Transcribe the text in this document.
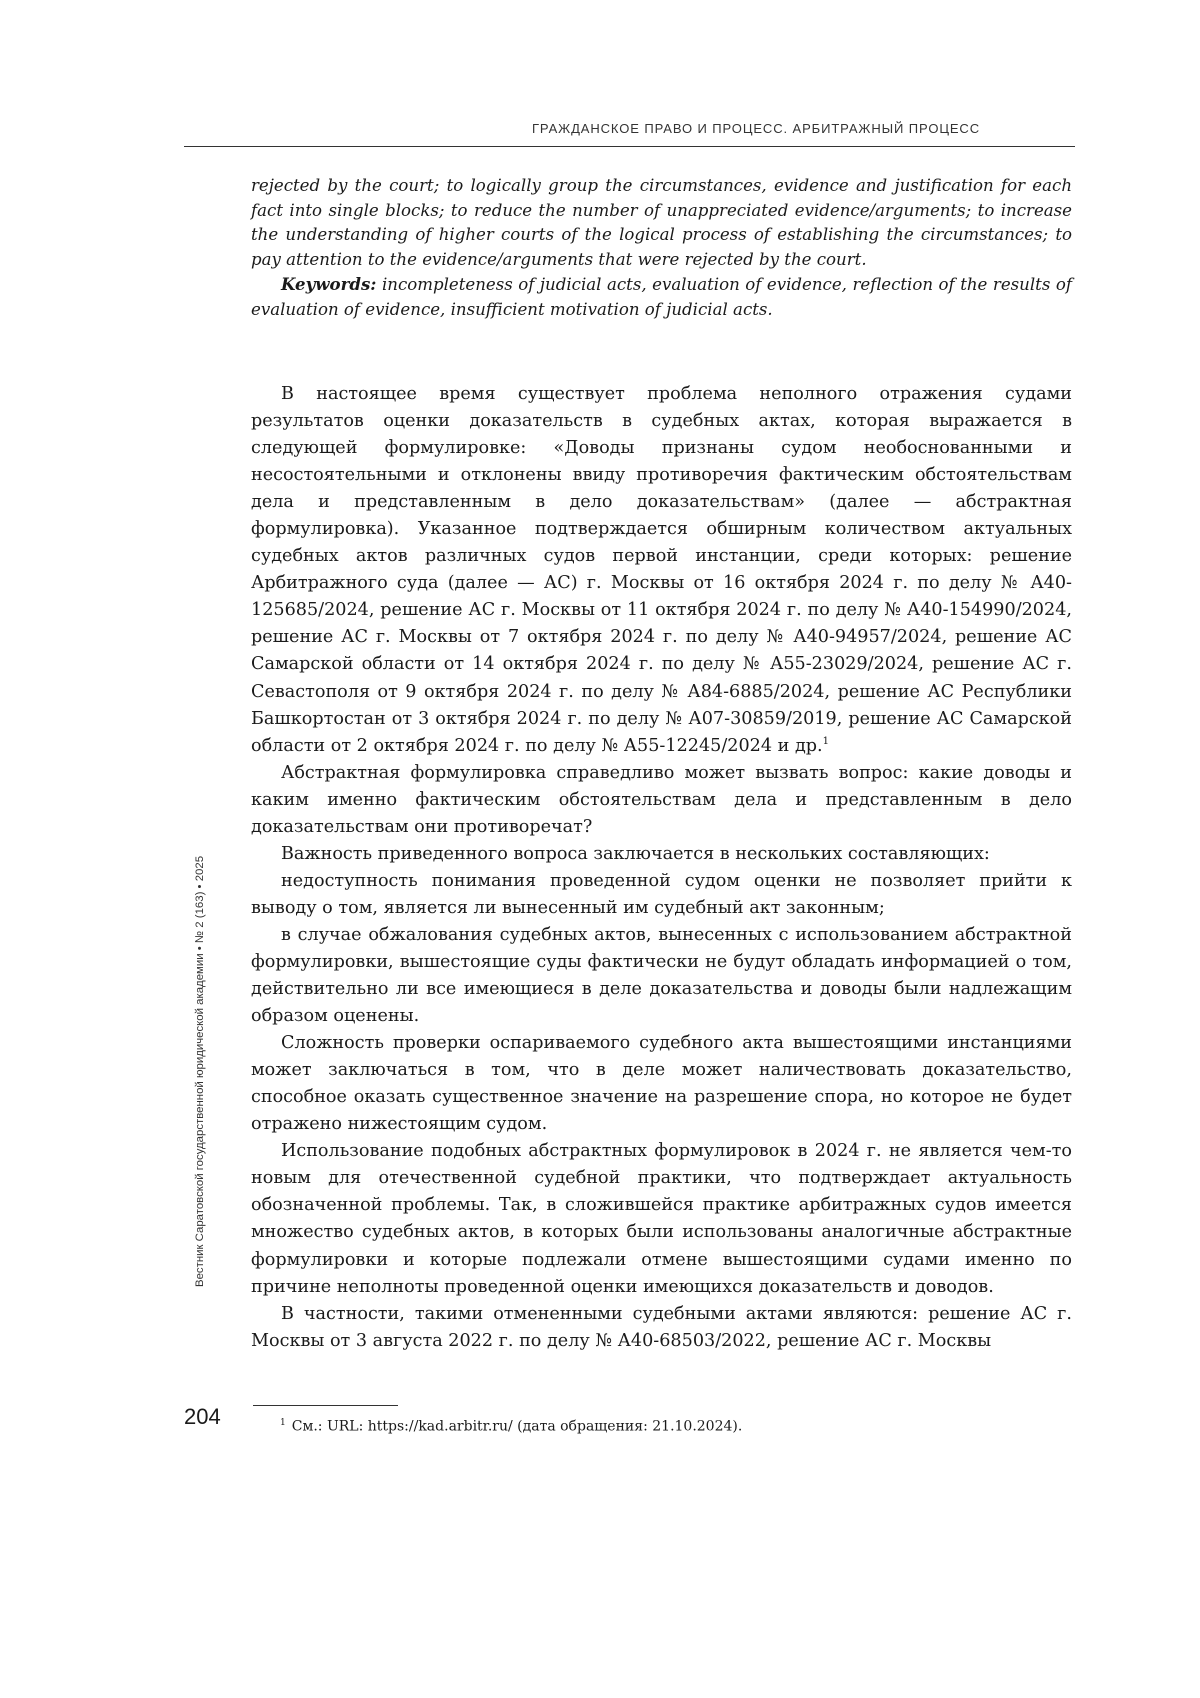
ГРАЖДАНСКОЕ ПРАВО И ПРОЦЕСС. АРБИТРАЖНЫЙ ПРОЦЕСС

rejected by the court; to logically group the circumstances, evidence and justification for each fact into single blocks; to reduce the number of unappreciated evidence/arguments; to increase the understanding of higher courts of the logical process of establishing the circumstances; to pay attention to the evidence/arguments that were rejected by the court.

Keywords: incompleteness of judicial acts, evaluation of evidence, reflection of the results of evaluation of evidence, insufficient motivation of judicial acts.

В настоящее время существует проблема неполного отражения судами результатов оценки доказательств в судебных актах, которая выражается в следующей формулировке: «Доводы признаны судом необоснованными и несостоятельными и отклонены ввиду противоречия фактическим обстоятельствам дела и представленным в дело доказательствам» (далее — абстрактная формулировка). Указанное подтверждается обширным количеством актуальных судебных актов различных судов первой инстанции, среди которых: решение Арбитражного суда (далее — АС) г. Москвы от 16 октября 2024 г. по делу № А40-125685/2024, решение АС г. Москвы от 11 октября 2024 г. по делу № А40-154990/2024, решение АС г. Москвы от 7 октября 2024 г. по делу № А40-94957/2024, решение АС Самарской области от 14 октября 2024 г. по делу № А55-23029/2024, решение АС г. Севастополя от 9 октября 2024 г. по делу № А84-6885/2024, решение АС Республики Башкортостан от 3 октября 2024 г. по делу № А07-30859/2019, решение АС Самарской области от 2 октября 2024 г. по делу № А55-12245/2024 и др.1

Абстрактная формулировка справедливо может вызвать вопрос: какие доводы и каким именно фактическим обстоятельствам дела и представленным в дело доказательствам они противоречат?

Важность приведенного вопроса заключается в нескольких составляющих:

недоступность понимания проведенной судом оценки не позволяет прийти к выводу о том, является ли вынесенный им судебный акт законным;

в случае обжалования судебных актов, вынесенных с использованием абстрактной формулировки, вышестоящие суды фактически не будут обладать информацией о том, действительно ли все имеющиеся в деле доказательства и доводы были надлежащим образом оценены.

Сложность проверки оспариваемого судебного акта вышестоящими инстанциями может заключаться в том, что в деле может наличествовать доказательство, способное оказать существенное значение на разрешение спора, но которое не будет отражено нижестоящим судом.

Использование подобных абстрактных формулировок в 2024 г. не является чем-то новым для отечественной судебной практики, что подтверждает актуальность обозначенной проблемы. Так, в сложившейся практике арбитражных судов имеется множество судебных актов, в которых были использованы аналогичные абстрактные формулировки и которые подлежали отмене вышестоящими судами именно по причине неполноты проведенной оценки имеющихся доказательств и доводов.

В частности, такими отмененными судебными актами являются: решение АС г. Москвы от 3 августа 2022 г. по делу № А40-68503/2022, решение АС г. Москвы

Вестник Саратовской государственной юридической академии • № 2 (163) • 2025
204	1 См.: URL: https://kad.arbitr.ru/ (дата обращения: 21.10.2024).
